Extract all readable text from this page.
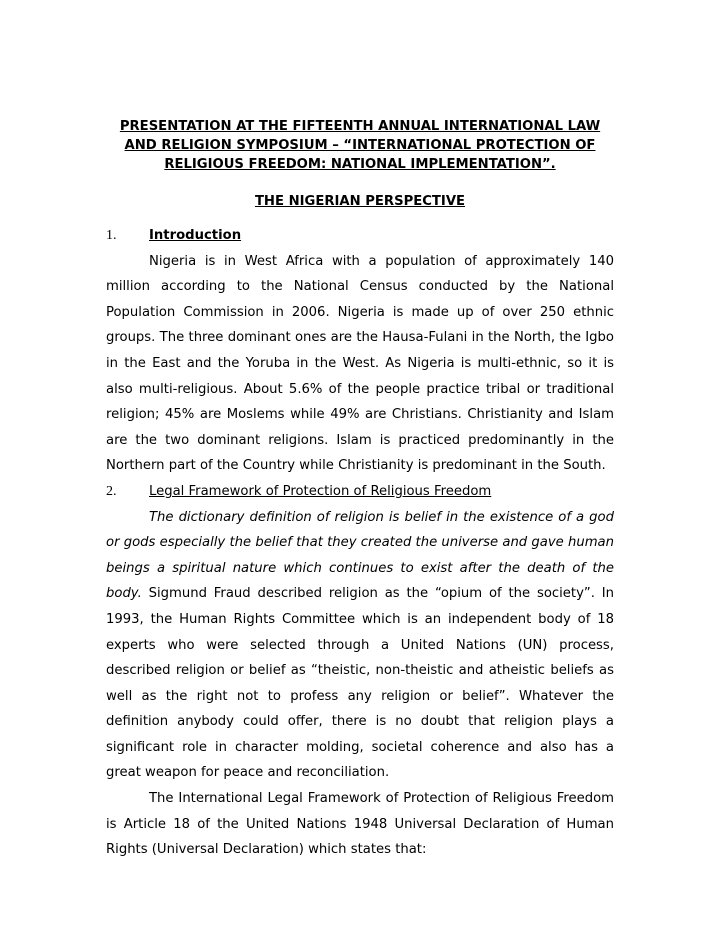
PRESENTATION AT THE FIFTEENTH ANNUAL INTERNATIONAL LAW
AND RELIGION SYMPOSIUM – “INTERNATIONAL PROTECTION OF
RELIGIOUS FREEDOM: NATIONAL IMPLEMENTATION”.
THE NIGERIAN PERSPECTIVE
1.	Introduction

Nigeria is in West Africa with a population of approximately 140 million according to the National Census conducted by the National Population Commission in 2006. Nigeria is made up of over 250 ethnic groups. The three dominant ones are the Hausa-Fulani in the North, the Igbo in the East and the Yoruba in the West. As Nigeria is multi-ethnic, so it is also multi-religious. About 5.6% of the people practice tribal or traditional religion; 45% are Moslems while 49% are Christians. Christianity and Islam are the two dominant religions. Islam is practiced predominantly in the Northern part of the Country while Christianity is predominant in the South.

2.	Legal Framework of Protection of Religious Freedom

The dictionary definition of religion is belief in the existence of a god or gods especially the belief that they created the universe and gave human beings a spiritual nature which continues to exist after the death of the body. Sigmund Fraud described religion as the “opium of the society”. In 1993, the Human Rights Committee which is an independent body of 18 experts who were selected through a United Nations (UN) process, described religion or belief as “theistic, non-theistic and atheistic beliefs as well as the right not to profess any religion or belief”. Whatever the definition anybody could offer, there is no doubt that religion plays a significant role in character molding, societal coherence and also has a great weapon for peace and reconciliation.

The International Legal Framework of Protection of Religious Freedom is Article 18 of the United Nations 1948 Universal Declaration of Human Rights (Universal Declaration) which states that:
